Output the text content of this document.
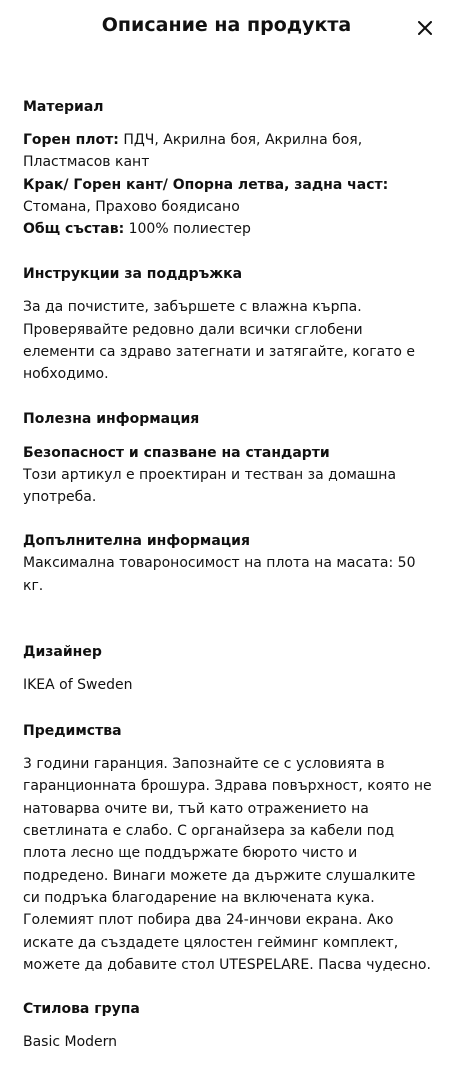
Описание на продукта
Материал

Горен плот: ПДЧ, Акрилна боя, Акрилна боя, Пластмасов кант

Крак/ Горен кант/ Опорна летва, задна част: Стомана, Прахово боядисано

Общ състав: 100% полиестер

Инструкции за поддръжка

За да почистите, забършете с влажна кърпа. Проверявайте редовно дали всички сглобени елементи са здраво затегнати и затягайте, когато е нобходимо.

Полезна информация
Безопасност и спазване на стандарти

Този артикул е проектиран и тестван за домашна употреба.

Допълнителна информация

Максимална товароносимост на плота на масата: 50 кг.

Дизайнер

IKEA of Sweden

Предимства

3 години гаранция. Запознайте се с условията в гаранционната брошура. Здрава повърхност, която не натоварва очите ви, тъй като отражението на светлината е слабо. С органайзера за кабели под плота лесно ще поддържате бюрото чисто и подредено. Винаги можете да държите слушалките си подръка благодарение на включената кука. Големият плот побира два 24-инчови екрана. Ако искате да създадете цялостен гейминг комплект, можете да добавите стол UTESPELARE. Пасва чудесно.

Стилова група

Basic Modern
